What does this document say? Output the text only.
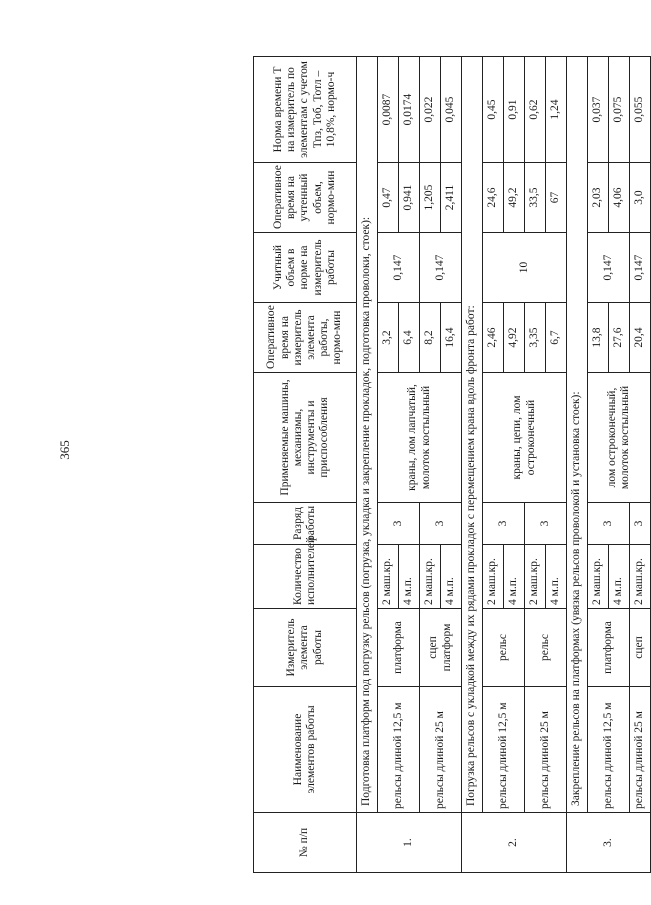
365
№ п/п	Наименование элементов работы	Измеритель элемента работы	Количество исполнителей	Разряд работы	Применяемые машины, механизмы, инструменты и приспособления	Оперативное время на измеритель элемента работы, нормо-мин	Учитный объем в норме на измеритель работы	Оперативное время на учтенный объем, нормо-мин	Норма времени Т на измеритель по элементам с учетом Тпз, Тоб, Тотл – 10,8%, нормо-ч
1.	Подготовка платформ под погрузку рельсов (погрузка, укладка и закрепление прокладок, подготовка проволоки, стоек):								
	рельсы длиной 12,5 м	платформа	2 маш.кр.	3	краны, лом лапчатый, молоток костыльный	3,2	0,147	0,47	0,0087
			4 м.п.			6,4		0,941	0,0174
	рельсы длиной 25 м	сцеп платформ	2 маш.кр.	3		8,2	0,147	1,205	0,022
			4 м.п.			16,4		2,411	0,045
2.	Погрузка рельсов с укладкой между их рядами прокладок с перемещением крана вдоль фронта работ:								
	рельсы длиной 12,5 м	рельс	2 маш.кр.	3	краны, цепи, лом остроконечный	2,46	10	24,6	0,45
			4 м.п.			4,92		49,2	0,91
	рельсы длиной 25 м	рельс	2 маш.кр.	3		3,35		33,5	0,62
			4 м.п.			6,7		67	1,24
3.	Закрепление рельсов на платформах (увязка рельсов проволокой и установка стоек):								
	рельсы длиной 12,5 м	платформа	2 маш.кр.	3	лом остроконечный, молоток костыльный	13,8	0,147	2,03	0,037
			4 м.п.			27,6		4,06	0,075
	рельсы длиной 25 м	сцеп	2 маш.кр.	3		20,4	0,147	3,0	0,055
